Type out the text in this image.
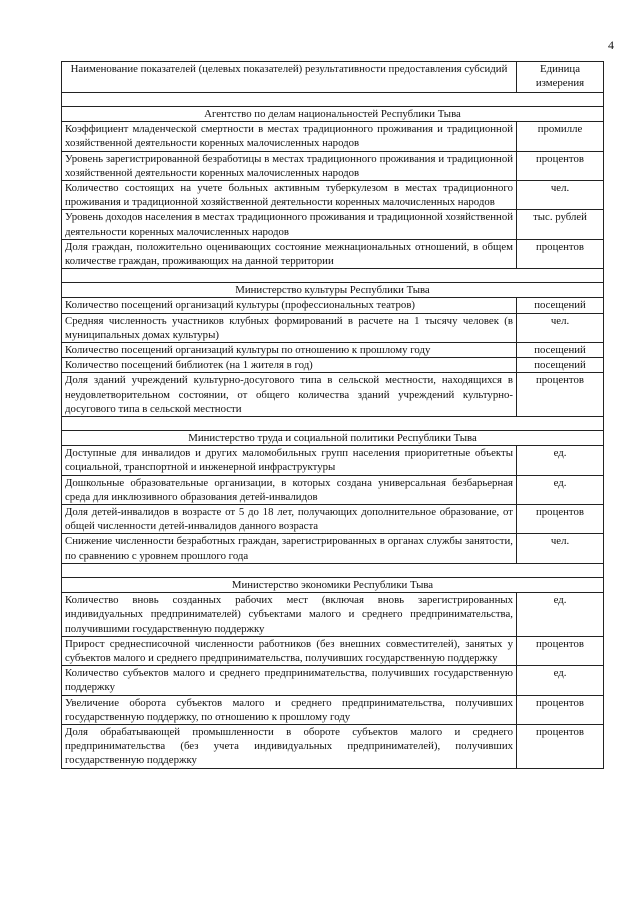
4
Наименование показателей (целевых показателей) результативности предоставления субсидий	Единица измерения

Агентство по делам национальностей Республики Тыва	
Коэффициент младенческой смертности в местах традиционного проживания и традиционной хозяйственной деятельности коренных малочисленных народов	промилле
Уровень зарегистрированной безработицы в местах традиционного проживания и традиционной хозяйственной деятельности коренных малочисленных народов	процентов
Количество состоящих на учете больных активным туберкулезом в местах традиционного проживания и традиционной хозяйственной деятельности коренных малочисленных народов	чел.
Уровень доходов населения в местах традиционного проживания и традиционной хозяйственной деятельности коренных малочисленных народов	тыс. рублей
Доля граждан, положительно оценивающих состояние межнациональных отношений, в общем количестве граждан, проживающих на данной территории	процентов

Министерство культуры Республики Тыва	
Количество посещений организаций культуры (профессиональных театров)	посещений
Средняя численность участников клубных формирований в расчете на 1 тысячу человек (в муниципальных домах культуры)	чел.
Количество посещений организаций культуры по отношению к прошлому году	посещений
Количество посещений библиотек (на 1 жителя в год)	посещений
Доля зданий учреждений культурно-досугового типа в сельской местности, находящихся в неудовлетворительном состоянии, от общего количества зданий учреждений культурно-досугового типа в сельской местности	процентов

Министерство труда и социальной политики Республики Тыва	
Доступные для инвалидов и других маломобильных групп населения приоритетные объекты социальной, транспортной и инженерной инфраструктуры	ед.
Дошкольные образовательные организации, в которых создана универсальная безбарьерная среда для инклюзивного образования детей-инвалидов	ед.
Доля детей-инвалидов в возрасте от 5 до 18 лет, получающих дополнительное образование, от общей численности детей-инвалидов данного возраста	процентов
Снижение численности безработных граждан, зарегистрированных в органах службы занятости, по сравнению с уровнем прошлого года	чел.

Министерство экономики Республики Тыва	
Количество вновь созданных рабочих мест (включая вновь зарегистрированных индивидуальных предпринимателей) субъектами малого и среднего предпринимательства, получившими государственную поддержку	ед.
Прирост среднесписочной численности работников (без внешних совместителей), занятых у субъектов малого и среднего предпринимательства, получивших государственную поддержку	процентов
Количество субъектов малого и среднего предпринимательства, получивших государственную поддержку	ед.
Увеличение оборота субъектов малого и среднего предпринимательства, получивших государственную поддержку, по отношению к прошлому году	процентов
Доля обрабатывающей промышленности в обороте субъектов малого и среднего предпринимательства (без учета индивидуальных предпринимателей), получивших государственную поддержку	процентов
